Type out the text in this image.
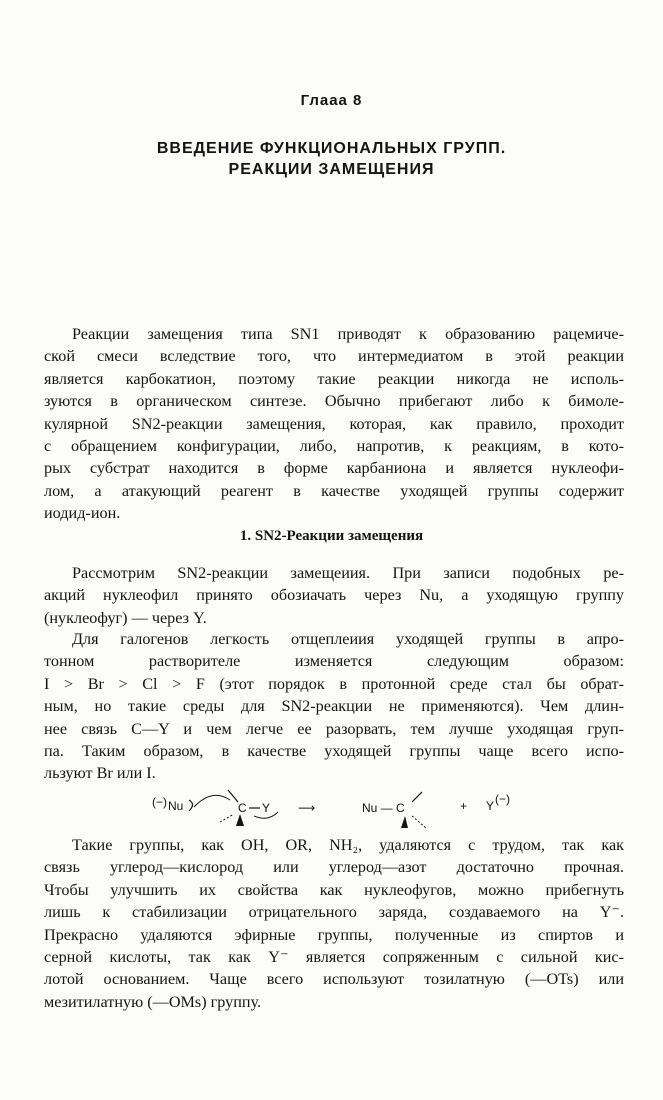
Глааа 8
ВВЕДЕНИЕ ФУНКЦИОНАЛЬНЫХ ГРУПП.
РЕАКЦИИ ЗАМЕЩЕНИЯ
Реакции замещения типа SN1 приводят к образованию рацемиче-
ской смеси вследствие того, что интермедиатом в этой реакции
является карбокатион, поэтому такие реакции никогда не исполь-
зуются в органическом синтезе. Обычно прибегают либо к бимоле-
кулярной SN2-реакции замещения, которая, как правило, проходит
с обращением конфигурации, либо, напротив, к реакциям, в кото-
рых субстрат находится в форме карбаниона и является нуклеофи-
лом, а атакующий реагент в качестве уходящей группы содержит
иодид-ион.
1. SN2-Реакции замещения
Рассмотрим SN2-реакции замещеиия. При записи подобных ре-
акций нуклеофил принято обозиачать через Nu, а уходящую группу
(нуклеофуг) — через Y.
Для галогенов легкость отщеплеиия уходящей группы в апро-
тонном растворителе изменяется следующим образом:
I > Br > Cl > F (этот порядок в протонной среде стал бы обрат-
ным, но такие среды для SN2-реакции не применяются). Чем длин-
нее связь C—Y и чем легче ее разорвать, тем лучше уходящая груп-
па. Таким образом, в качестве уходящей группы чаще всего испо-
льзуют Br или I.
(−) Nu	C Y ⟶	Nu — C	+ Y (−)
Такие группы, как OH, OR, NH₂, удаляются с трудом, так как
связь углерод—кислород или углерод—азот достаточно прочная.
Чтобы улучшить их свойства как нуклеофугов, можно прибегнуть
лишь к стабилизации отрицательного заряда, создаваемого на Y⁻.
Прекрасно удаляются эфирные группы, полученные из спиртов и
серной кислоты, так как Y⁻ является сопряженным с сильной кис-
лотой основанием. Чаще всего используют тозилатную (—OTs) или
мезитилатную (—OMs) группу.
